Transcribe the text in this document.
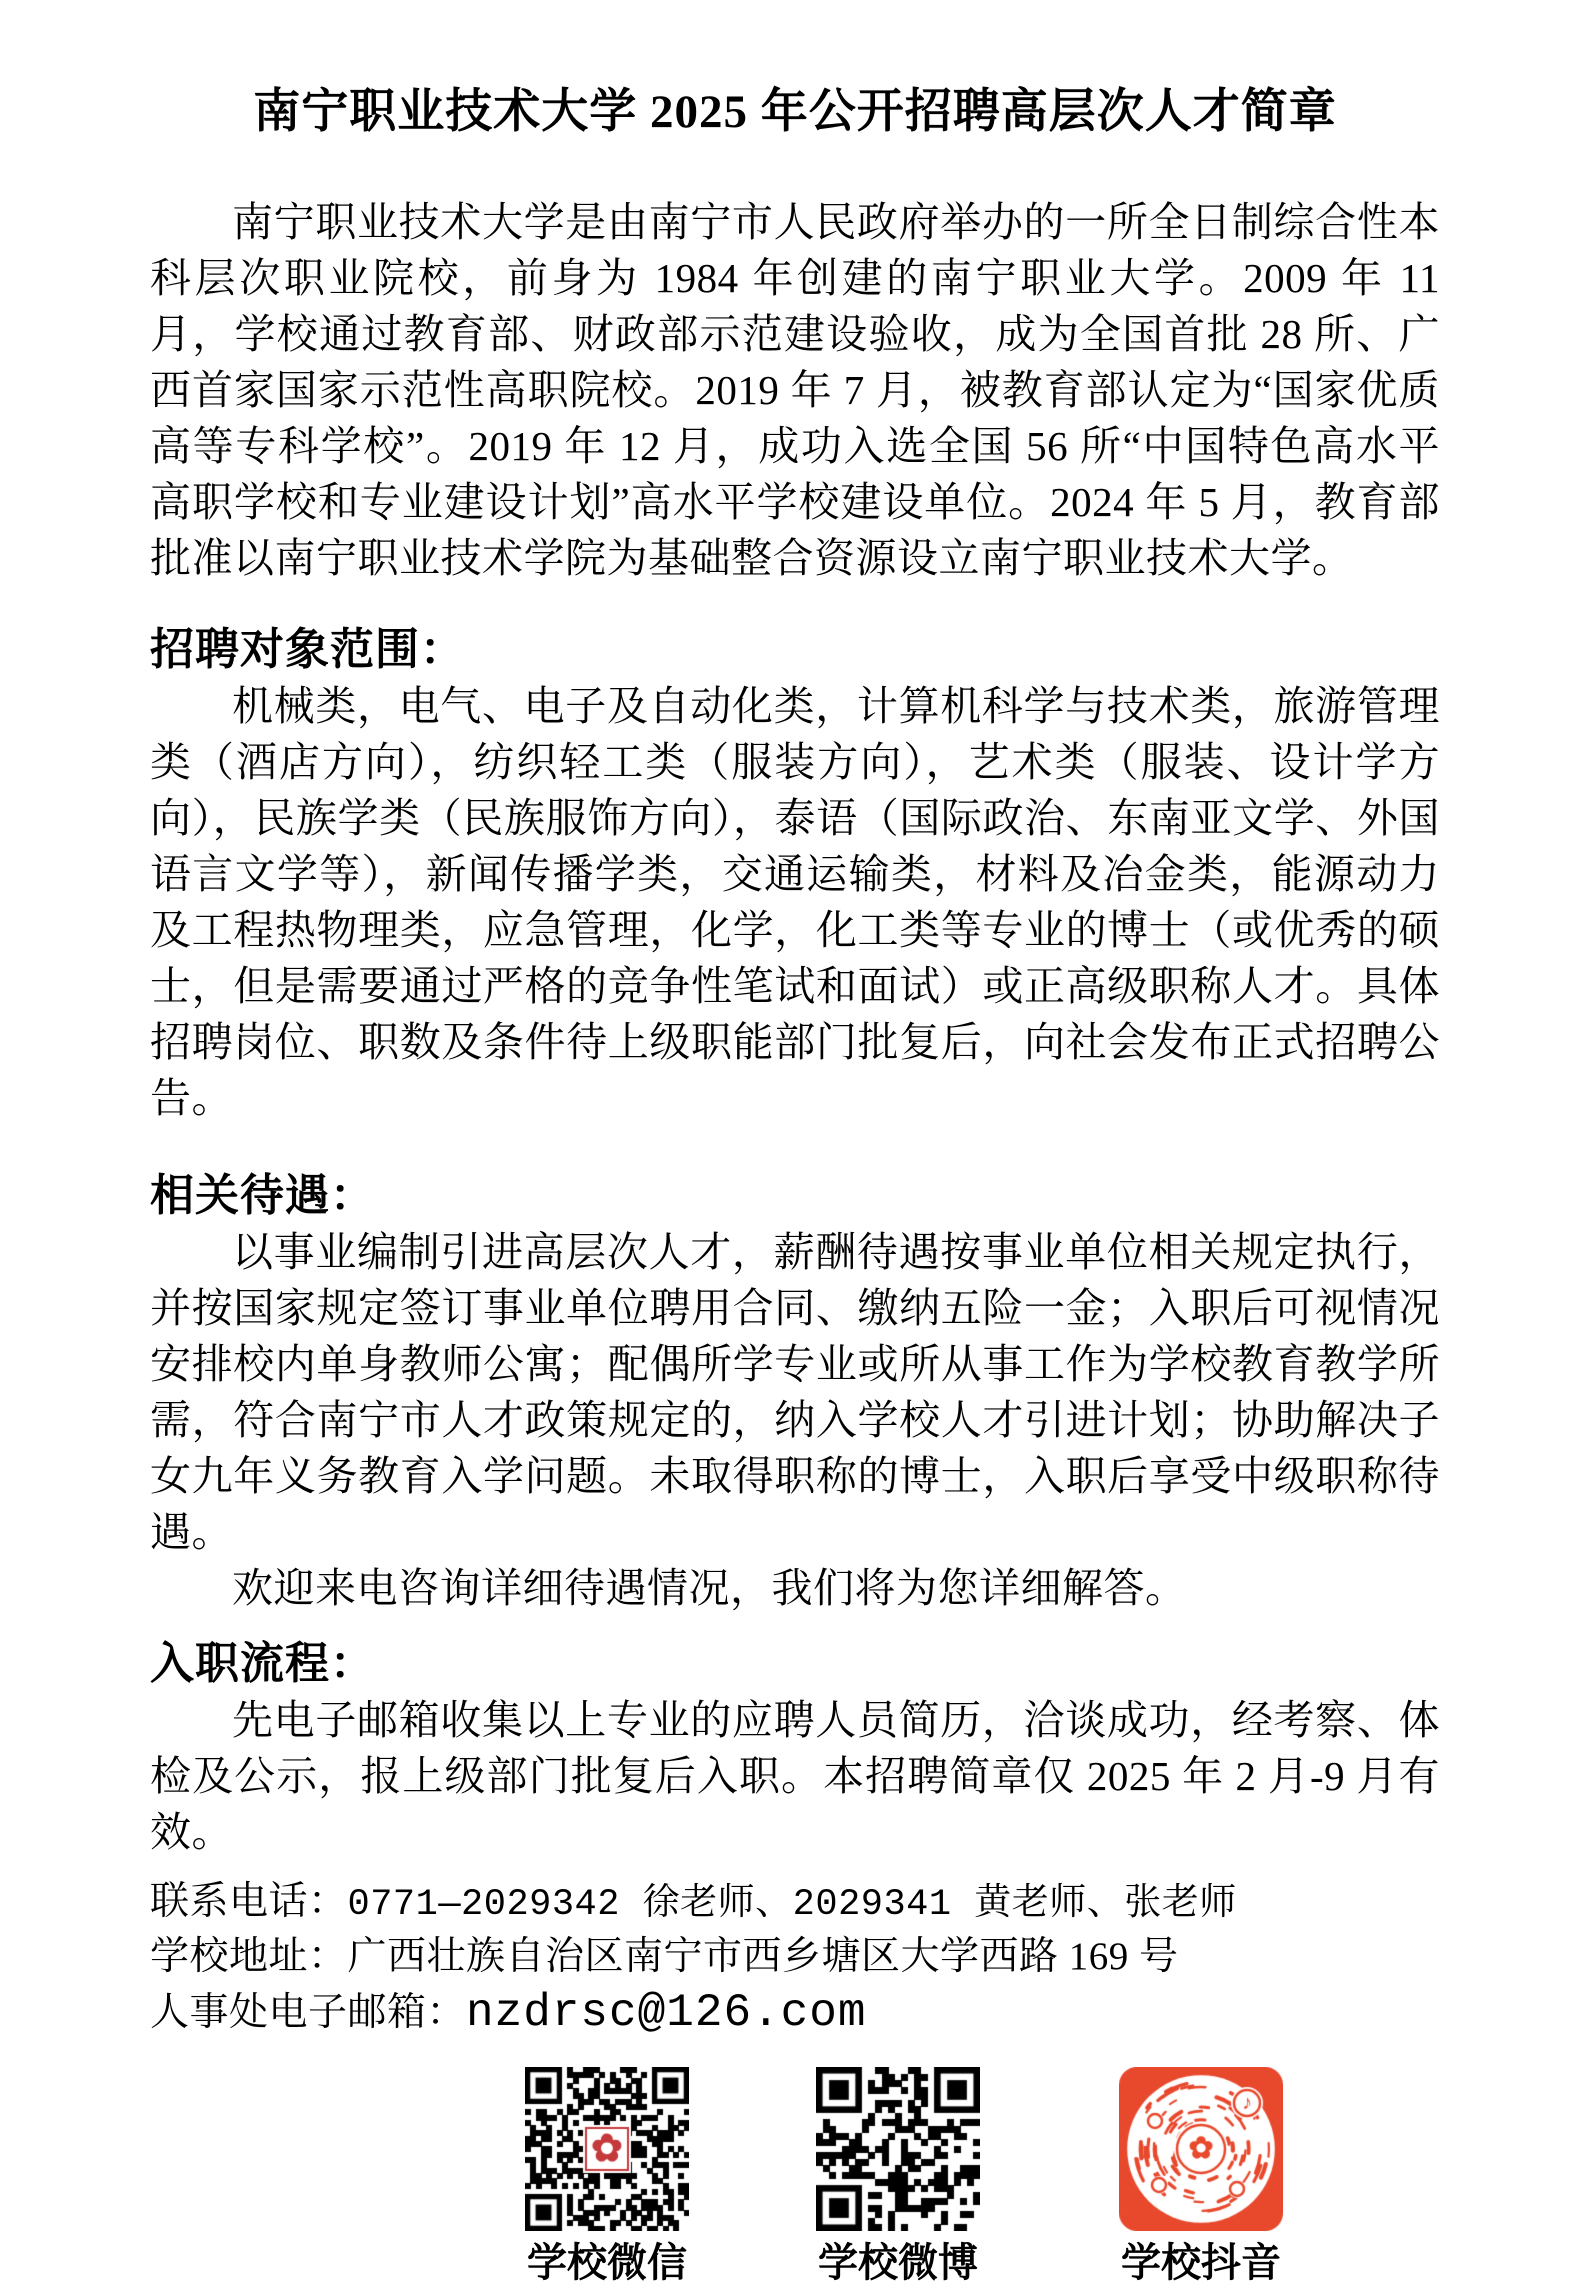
南宁职业技术大学 2025 年公开招聘高层次人才简章

南宁职业技术大学是由南宁市人民政府举办的一所全日制综合性本科层次职业院校，前身为 1984 年创建的南宁职业大学。2009 年 11 月，学校通过教育部、财政部示范建设验收，成为全国首批 28 所、广西首家国家示范性高职院校。2019 年 7 月，被教育部认定为“国家优质高等专科学校”。2019 年 12 月，成功入选全国 56 所“中国特色高水平高职学校和专业建设计划”高水平学校建设单位。2024 年 5 月，教育部批准以南宁职业技术学院为基础整合资源设立南宁职业技术大学。

招聘对象范围：

机械类，电气、电子及自动化类，计算机科学与技术类，旅游管理类（酒店方向），纺织轻工类（服装方向），艺术类（服装、设计学方向），民族学类（民族服饰方向），泰语（国际政治、东南亚文学、外国语言文学等），新闻传播学类，交通运输类，材料及冶金类，能源动力及工程热物理类，应急管理，化学，化工类等专业的博士（或优秀的硕士，但是需要通过严格的竞争性笔试和面试）或正高级职称人才。具体招聘岗位、职数及条件待上级职能部门批复后，向社会发布正式招聘公告。

相关待遇：

以事业编制引进高层次人才，薪酬待遇按事业单位相关规定执行，并按国家规定签订事业单位聘用合同、缴纳五险一金；入职后可视情况安排校内单身教师公寓；配偶所学专业或所从事工作为学校教育教学所需，符合南宁市人才政策规定的，纳入学校人才引进计划；协助解决子女九年义务教育入学问题。未取得职称的博士，入职后享受中级职称待遇。

欢迎来电咨询详细待遇情况，我们将为您详细解答。

入职流程：

先电子邮箱收集以上专业的应聘人员简历，洽谈成功，经考察、体检及公示，报上级部门批复后入职。本招聘简章仅 2025 年 2 月-9 月有效。

联系电话：0771—2029342 徐老师、2029341 黄老师、张老师

学校地址：广西壮族自治区南宁市西乡塘区大学西路 169 号

人事处电子邮箱：nzdrsc@126.com

学校微信	学校微博	学校抖音
